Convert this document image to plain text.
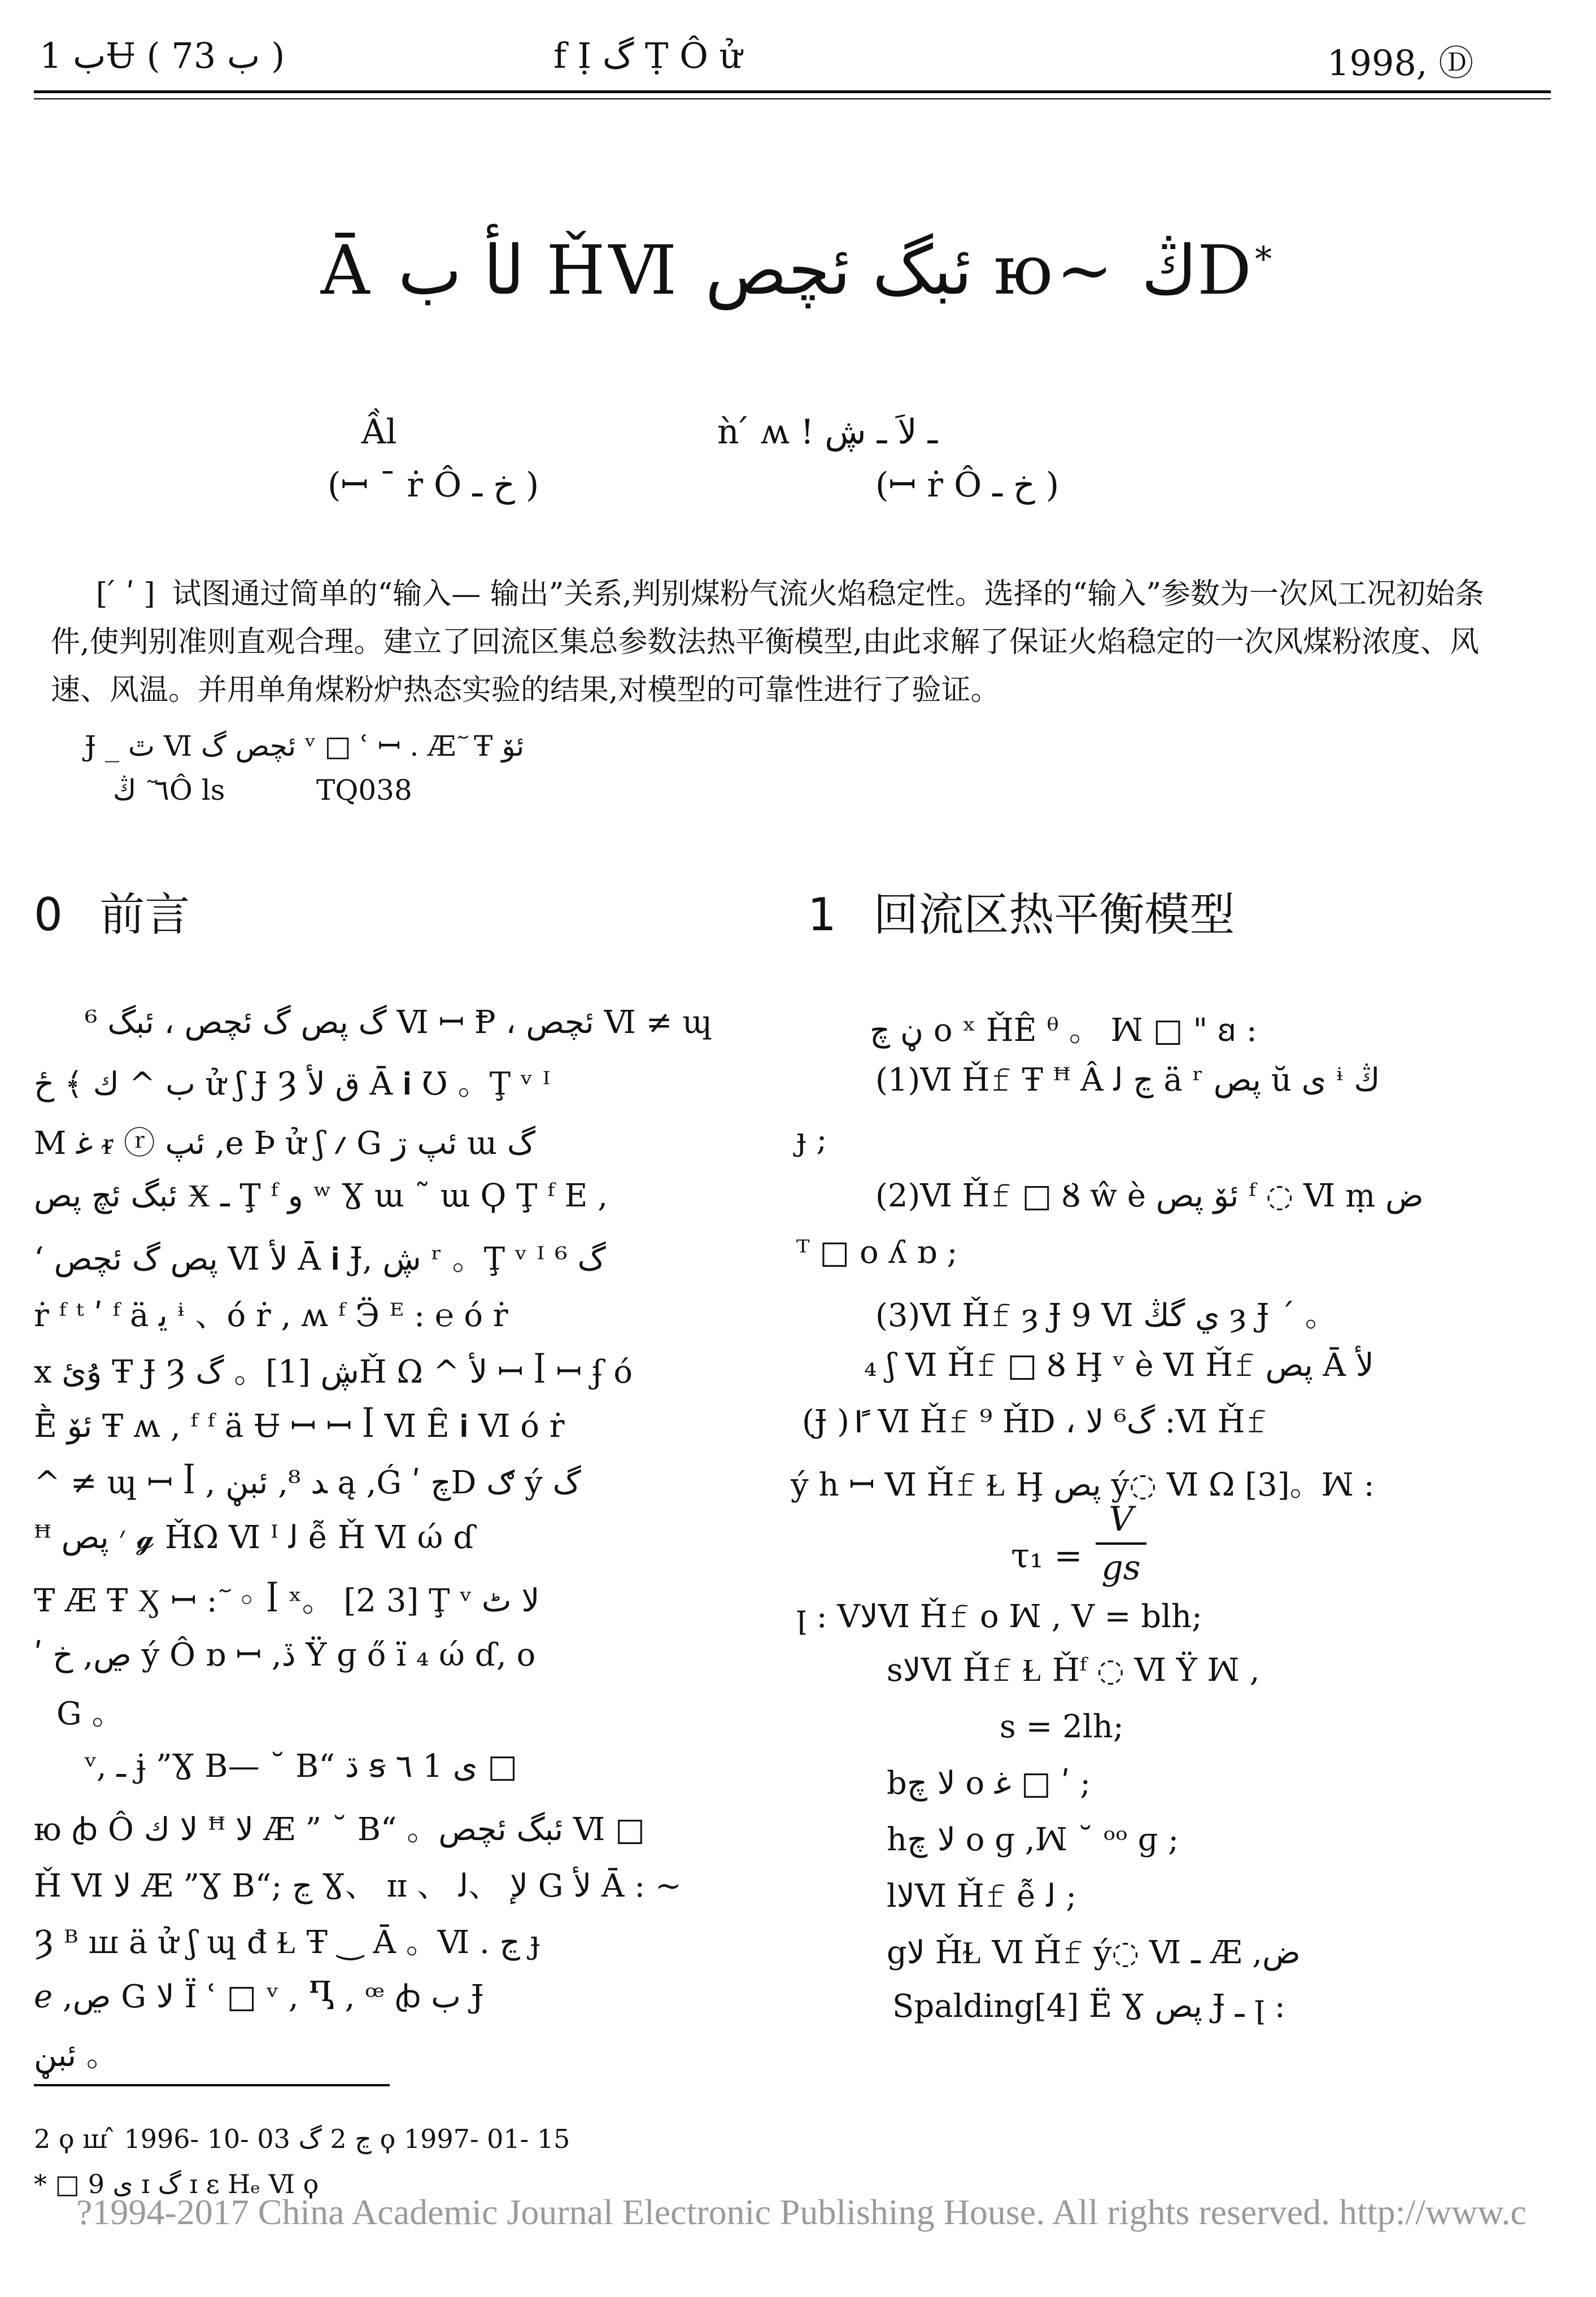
ب 1Ʉ ( ب 73 )	f Ị گ Ṭ Ô ử	1998, Ⓓ
Ā لأ ب ȞⅥ ئبگ ئچص ю~ ڭD*
Ầl
(ꟷ ¯ ṙ Ô خ ـ )
ǹ ́ ʍ ! ـ لاَ ـ ڜ
(ꟷ ṙ Ô خ ـ )
[ ́ ʹ ] 试图通过简单的“输入— 输出”关系,判别煤粉气流火焰稳定性。选择的“输入”参数为一次风工况初始条件,使判别准则直观合理。建立了回流区集总参数法热平衡模型,由此求解了保证火焰稳定的一次风煤粉浓度、风速、风温。并用单角煤粉炉热态实验的结果,对模型的可靠性进行了验证。
Ɉ _ ٿ Ⅵ ئچص گ ᵛ □ ʿ ꟷ . Æ ٓ Ŧ ئۆ
٦ ٓ ڭÔ ls	TQ038
0 前言	1 回流区热平衡模型
⁶ گ پص گ ئچص ، ئبگ Ⅵ ꟷ Ᵽ ، ئچص Ⅵ ≠ ɰ
ب ^ ﻙ ﴾ ځ ử ʃ Ɉ Ȝ ق لأ Ā 𝐢 Ʊ 。Ţ ᵛ ᴵ
M ﻏ ᵲ ⓡ ئپ ,e Þ ử ʃ ⳇ G ئپ ڗ ɯ گ
ئبگ ئچ پص Ӿ ـ Ţ ᶠ و ʷ Ɣ ɯ ˜ ɯ Ϙ Ţ ᶠ E ,
ʻ پص گ ئچص Ⅵ لأ Ā 𝐢 Ɉ, ڜ ʳ 。Ţ ᵛ ᴵ ⁶ گ
ṙ ᶠ ᵗ ʹ ᶠ ä ﻳ ᶤ 、ó ṙ , ʍ ᶠ Ӭ ᴱ : ℮ ó ṙ
x ۇئ Ŧ Ɉ Ȝ ڜ [1]。 گȞ Ω ^ لأ ꟷ ꟾ ꟷ ʄ ó
Ḕ ئۆ Ŧ ʍ , ᶠ ᶠ ä Ʉ ꟷ ꟷ ꟾ Ⅵ Ȇ 𝐢 Ⅵ ó ṙ
^ ≠ ɰ ꟷ ꟾ , ﺪ ⁸, ئبڼ ą ,Ǵ ʹ چD ګ ý گ
ꟸ ׳ پص 𝓰 ȞΩ Ⅵ ᴵ ﻟ ễ Ȟ Ⅵ ώ ɗ
Ŧ Æ Ŧ Ӽ ꟷ : ٓ ◦ ꟾ ˣ。 [2 3] Ţ ᵛ لا ٹ
ʹ ڝ, خ ý Ô ɒ ꟷ ,ڏ Ÿ ɡ ő ï ₄ ώ ɗ, o
G 。
ᵛ, ـ ɉ ”Ɣ B— ˘ B“ ڌ ꞩ ٦ 1 ی □
ю ꞗ Ô ﻻ ك ꟸ لا Æ ” ˘ B“ 。ئبگ ئچص Ⅵ □
Ȟ Ⅵ لا Æ ”Ɣ B“; ڃ Ɣ、 ɪɪ 、 ﻹ 、ﻟ G لأ Ā : ~
Ȝ ᴮ ꟺ ä ử ʃ ɰ đ Ɫ Ŧ ‿ Ā 。Ⅵ . ڃ ɟ
ℯ ,ڝ G لا Ï ʿ □ ᵛ , Ⴂ , ꟹ ꞗ ب Ɉ
ئبڼ 。
ڼ چ o ˣ ȞÊ ᶿ 。 ꟽ □ " ꞛ :
(1)Ⅵ Ȟ𝚏 Ŧ ꟸ Â ڃ ﻟ ä ʳ پص ŭ ی ᶤ ڭ
ɟ ;
(2)Ⅵ Ȟ𝚏 □ Ȣ ŵ è ئۆ پص ᶠ ◌ Ⅵ ṃ ض
ᵀ □ o ʎ ɒ ;
(3)Ⅵ Ȟ𝚏 ȝ Ɉ 9 Ⅵ ي گڭ ȝ Ɉ ˊ 。
₄ ʃ Ⅵ Ȟ𝚏 □ Ȣ Ḩ ᵛ è Ⅵ Ȟ𝚏 پص Ā لأ
(Ɉ )ﴽ Ⅵ Ȟ𝚏 ⁹ ȞD ، گ⁶ لا :Ⅵ Ȟ𝚏
ý h ꟷ Ⅵ Ȟ𝚏 Ɫ Ḩ پص ý◌ Ⅵ Ω [3]。ꟽ :
τ₁ =
V
gs
ꞁ : VلاⅥ Ȟ𝚏 o ꟽ , V = blh;
sلاⅥ Ȟ𝚏 Ɫ Ȟᶠ ◌ Ⅵ Ÿ ꟽ ,
s = 2lh;
bلا چ o ﻏ □ ʹ ;
hلا چ o ɡ ,ꟽ ˘ ᵒᵒ ɡ ;
lلاⅥ Ȟ𝚏 ễ ﻟ ;
gلا ȞⱢ Ⅵ Ȟ𝚏 ý◌ Ⅵ ـ Æ ,ض
Spalding[4] Ë Ɣ پص Ɉ ـ ꞁ :
2 ϙ ꟺ ̂ 1996- 10- 03 ڃ 2 گ ϙ 1997- 01- 15
* □ ی 9 ɪ گ ɪ ε Hₑ Ⅵ ϙ
?1994-2017 China Academic Journal Electronic Publishing House. All rights reserved. http://www.c
